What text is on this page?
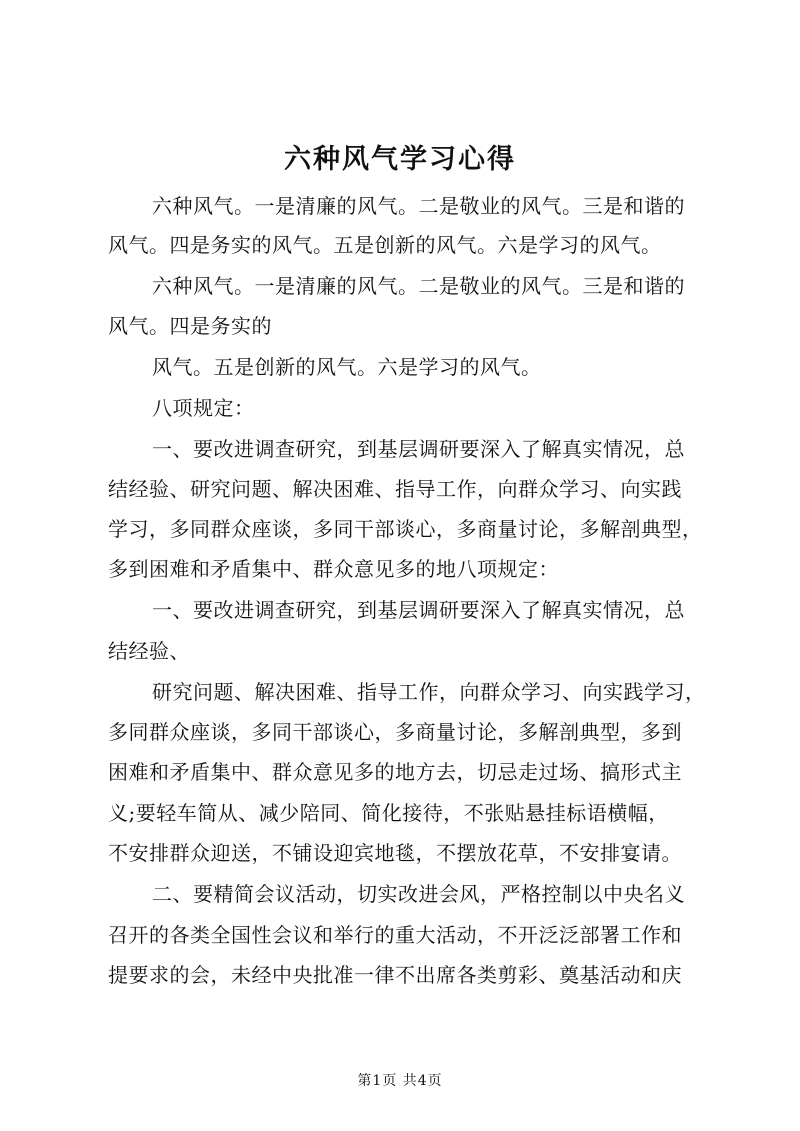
六种风气学习心得
六种风气。一是清廉的风气。二是敬业的风气。三是和谐的
风气。四是务实的风气。五是创新的风气。六是学习的风气。
六种风气。一是清廉的风气。二是敬业的风气。三是和谐的
风气。四是务实的
风气。五是创新的风气。六是学习的风气。
八项规定：
一、要改进调查研究，到基层调研要深入了解真实情况，总
结经验、研究问题、解决困难、指导工作，向群众学习、向实践
学习，多同群众座谈，多同干部谈心，多商量讨论，多解剖典型，
多到困难和矛盾集中、群众意见多的地八项规定：
一、要改进调查研究，到基层调研要深入了解真实情况，总
结经验、
研究问题、解决困难、指导工作，向群众学习、向实践学习，
多同群众座谈，多同干部谈心，多商量讨论，多解剖典型，多到
困难和矛盾集中、群众意见多的地方去，切忌走过场、搞形式主
义;要轻车简从、减少陪同、简化接待，不张贴悬挂标语横幅，
不安排群众迎送，不铺设迎宾地毯，不摆放花草，不安排宴请。
二、要精简会议活动，切实改进会风，严格控制以中央名义
召开的各类全国性会议和举行的重大活动，不开泛泛部署工作和
提要求的会，未经中央批准一律不出席各类剪彩、奠基活动和庆
第1页 共4页
